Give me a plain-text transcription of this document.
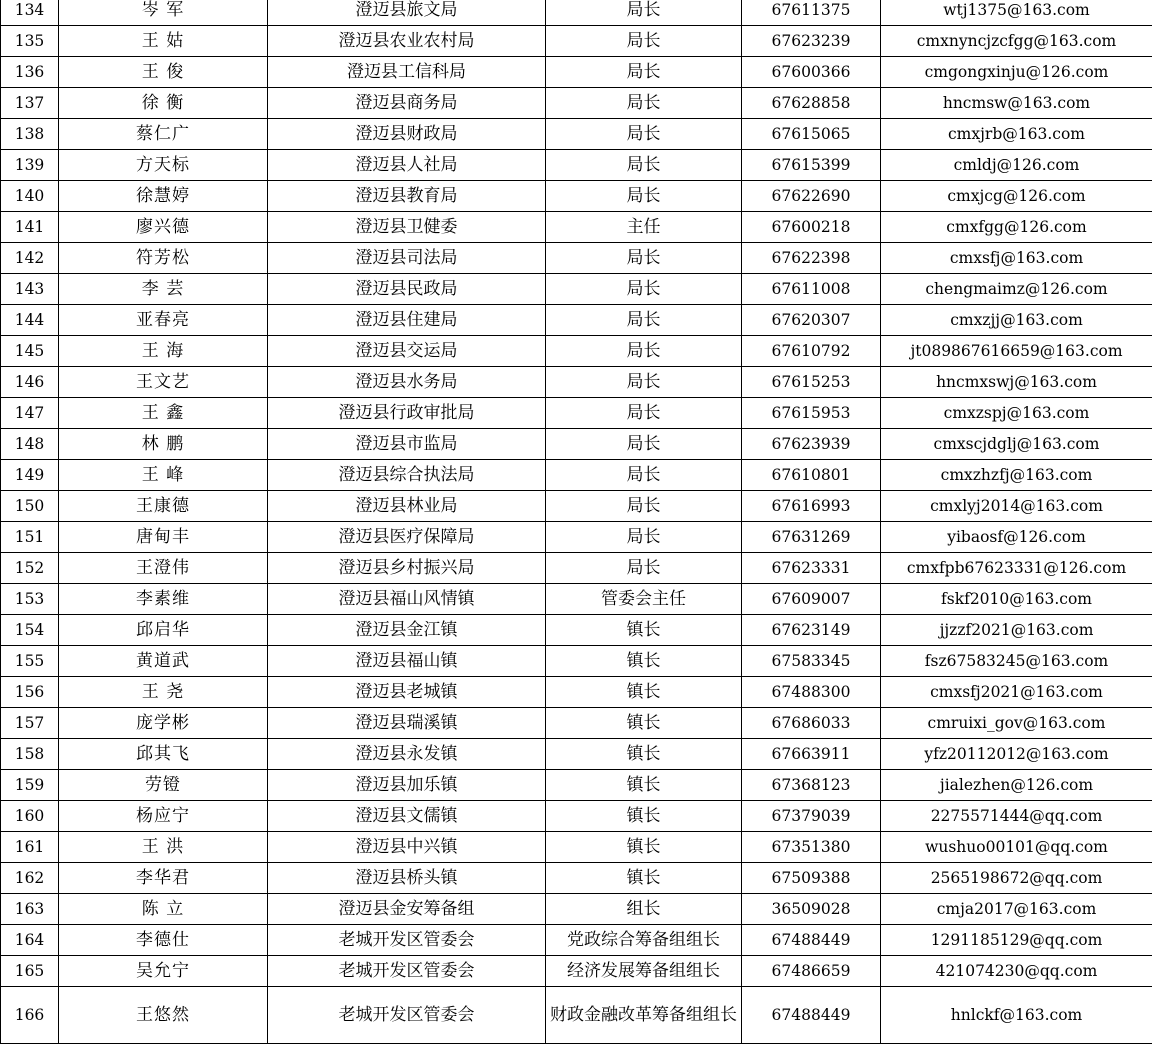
134	岑 军	澄迈县旅文局	局长	67611375	wtj1375@163.com
135	王 姑	澄迈县农业农村局	局长	67623239	cmxnyncjzcfgg@163.com
136	王 俊	澄迈县工信科局	局长	67600366	cmgongxinju@126.com
137	徐 衡	澄迈县商务局	局长	67628858	hncmsw@163.com
138	蔡仁广	澄迈县财政局	局长	67615065	cmxjrb@163.com
139	方天标	澄迈县人社局	局长	67615399	cmldj@126.com
140	徐慧婷	澄迈县教育局	局长	67622690	cmxjcg@126.com
141	廖兴德	澄迈县卫健委	主任	67600218	cmxfgg@126.com
142	符芳松	澄迈县司法局	局长	67622398	cmxsfj@163.com
143	李 芸	澄迈县民政局	局长	67611008	chengmaimz@126.com
144	亚春亮	澄迈县住建局	局长	67620307	cmxzjj@163.com
145	王 海	澄迈县交运局	局长	67610792	jt089867616659@163.com
146	王文艺	澄迈县水务局	局长	67615253	hncmxswj@163.com
147	王 鑫	澄迈县行政审批局	局长	67615953	cmxzspj@163.com
148	林 鹏	澄迈县市监局	局长	67623939	cmxscjdglj@163.com
149	王 峰	澄迈县综合执法局	局长	67610801	cmxzhzfj@163.com
150	王康德	澄迈县林业局	局长	67616993	cmxlyj2014@163.com
151	唐甸丰	澄迈县医疗保障局	局长	67631269	yibaosf@126.com
152	王澄伟	澄迈县乡村振兴局	局长	67623331	cmxfpb67623331@126.com
153	李素维	澄迈县福山风情镇	管委会主任	67609007	fskf2010@163.com
154	邱启华	澄迈县金江镇	镇长	67623149	jjzzf2021@163.com
155	黄道武	澄迈县福山镇	镇长	67583345	fsz67583245@163.com
156	王 尧	澄迈县老城镇	镇长	67488300	cmxsfj2021@163.com
157	庞学彬	澄迈县瑞溪镇	镇长	67686033	cmruixi_gov@163.com
158	邱其飞	澄迈县永发镇	镇长	67663911	yfz20112012@163.com
159	劳镫	澄迈县加乐镇	镇长	67368123	jialezhen@126.com
160	杨应宁	澄迈县文儒镇	镇长	67379039	2275571444@qq.com
161	王 洪	澄迈县中兴镇	镇长	67351380	wushuo00101@qq.com
162	李华君	澄迈县桥头镇	镇长	67509388	2565198672@qq.com
163	陈 立	澄迈县金安筹备组	组长	36509028	cmja2017@163.com
164	李德仕	老城开发区管委会	党政综合筹备组组长	67488449	1291185129@qq.com
165	吴允宁	老城开发区管委会	经济发展筹备组组长	67486659	421074230@qq.com
166	王悠然	老城开发区管委会	财政金融改革筹备组组长	67488449	hnlckf@163.com
